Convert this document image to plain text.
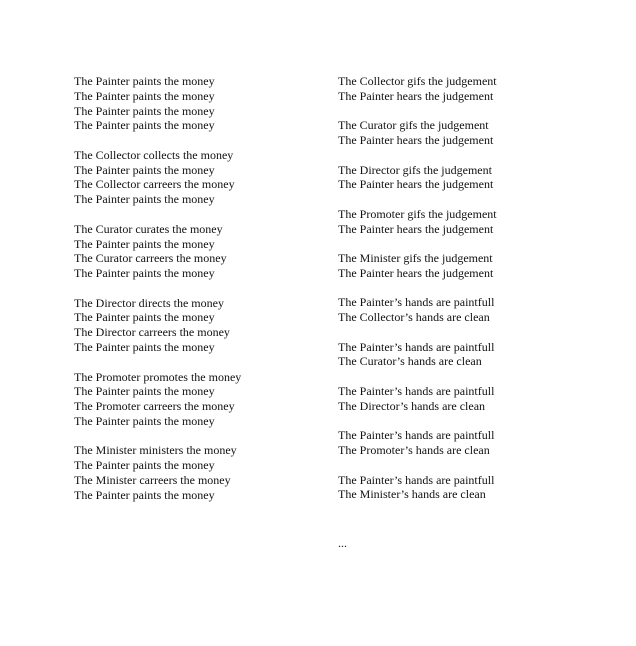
The Painter paints the money
The Painter paints the money
The Painter paints the money
The Painter paints the money
The Collector collects the money
The Painter paints the money
The Collector carreers the money
The Painter paints the money
The Curator curates the money
The Painter paints the money
The Curator carreers the money
The Painter paints the money
The Director directs the money
The Painter paints the money
The Director carreers the money
The Painter paints the money
The Promoter promotes the money
The Painter paints the money
The Promoter carreers the money
The Painter paints the money
The Minister ministers the money
The Painter paints the money
The Minister carreers the money
The Painter paints the money
The Collector gifs the judgement
The Painter hears the judgement
The Curator gifs the judgement
The Painter hears the judgement
The Director gifs the judgement
The Painter hears the judgement
The Promoter gifs the judgement
The Painter hears the judgement
The Minister gifs the judgement
The Painter hears the judgement
The Painter’s hands are paintfull
The Collector’s hands are clean
The Painter’s hands are paintfull
The Curator’s hands are clean
The Painter’s hands are paintfull
The Director’s hands are clean
The Painter’s hands are paintfull
The Promoter’s hands are clean
The Painter’s hands are paintfull
The Minister’s hands are clean
...
